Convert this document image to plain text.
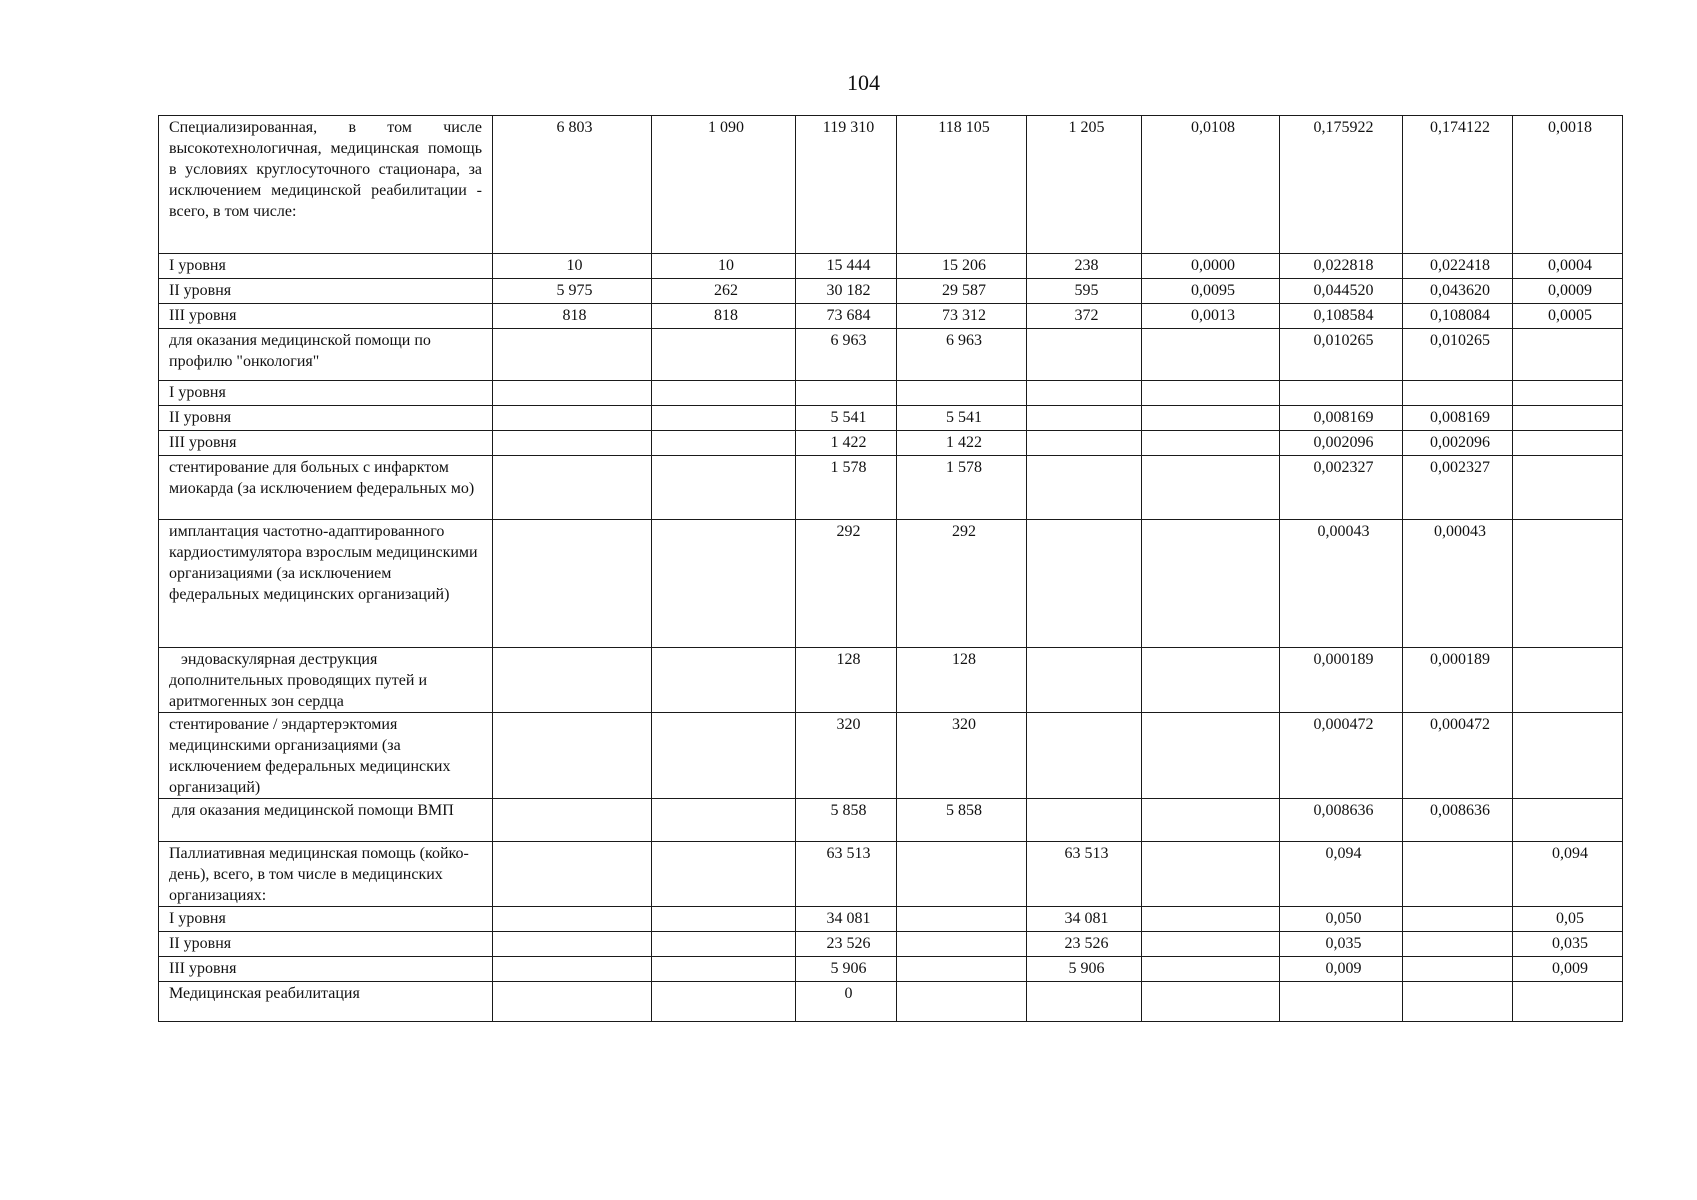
104
Специализированная, в том числе высокотехнологичная, медицинская помощь в условиях круглосуточного стационара, за исключением медицинской реабилитации - всего, в том числе:	6 803	1 090	119 310	118 105	1 205	0,0108	0,175922	0,174122	0,0018
I уровня	10	10	15 444	15 206	238	0,0000	0,022818	0,022418	0,0004
II уровня	5 975	262	30 182	29 587	595	0,0095	0,044520	0,043620	0,0009
III уровня	818	818	73 684	73 312	372	0,0013	0,108584	0,108084	0,0005
для оказания медицинской помощи по профилю "онкология"			6 963	6 963			0,010265	0,010265	
I уровня									
II уровня			5 541	5 541			0,008169	0,008169	
III уровня			1 422	1 422			0,002096	0,002096	
стентирование для больных с инфарктом миокарда (за исключением федеральных мо)			1 578	1 578			0,002327	0,002327	
имплантация частотно-адаптированного кардиостимулятора взрослым медицинскими организациями (за исключением федеральных медицинских организаций)			292	292			0,00043	0,00043	
эндоваскулярная деструкция дополнительных проводящих путей и аритмогенных зон сердца			128	128			0,000189	0,000189	
стентирование / эндартерэктомия медицинскими организациями (за исключением федеральных медицинских организаций)			320	320			0,000472	0,000472	
для оказания медицинской помощи ВМП			5 858	5 858			0,008636	0,008636	
Паллиативная медицинская помощь (койко-день), всего, в том числе в медицинских организациях:			63 513		63 513		0,094		0,094
I уровня			34 081		34 081		0,050		0,05
II уровня			23 526		23 526		0,035		0,035
III уровня			5 906		5 906		0,009		0,009
Медицинская реабилитация			0						
